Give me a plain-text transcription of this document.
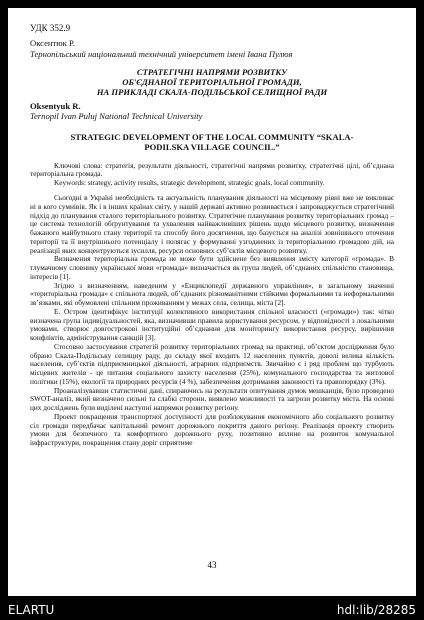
УДК 352.9
Оксентюк Р.
Тернопільський національний технічний університет імені Івана Пулюя
СТРАТЕГІЧНІ НАПРЯМИ РОЗВИТКУ
ОБ'ЄДНАНОЇ ТЕРИТОРІАЛЬНОЇ ГРОМАДИ,
НА ПРИКЛАДІ СКАЛА-ПОДІЛЬСЬКОЇ СЕЛИЩНОЇ РАДИ
Oksentyuk R.
Ternopil Ivan Puluj National Technical University
STRATEGIC DEVELOPMENT OF THE LOCAL COMMUNITY “SKALA-
PODILSKA VILLAGE COUNCIL.”

Ключові слова: стратегія, результати діяльності, стратегічні напрями розвитку, стратегічні цілі, об’єднана територіальна громада.

Keywords: strategy, activity results, strategic development, strategic goals, local community.

Сьогодні в Україні необхідність та актуальність планування діяльності на місцевому рівні вже не викликає ні в кого сумнівів. Як і в інших країнах світу, у нашій державі активно розвивається і запроваджується стратегічний підхід до планування сталого територіального розвитку. Стратегічне планування розвитку територіальних громад – це система технологій обґрунтування та ухвалення найважливіших рішень щодо місцевого розвитку, визначення бажаного майбутнього стану території та способу його досягнення, що базується на аналізі зовнішнього оточення території та її внутрішнього потенціалу і полягає у формуванні узгоджених із територіальною громадою дій, на реалізації яких концентруються зусилля, ресурси основних суб’єктів місцевого розвитку.

Визначення територіальна громада не може бути здійснене без виявлення змісту категорії «громада». В тлумачному словнику української мови «громада» визначається як група людей, об’єднаних спільністю становища, інтересів [1].

Згідно з визначенням, наведеним у «Енциклопедії державного управління», в загальному значенні «територіальна громада» є спільнота людей, об’єднаних різноманітними стійкими формальними та неформальними зв’язками, які обумовлені спільним проживанням у межах села, селища, міста [2].

Е. Остром ідентифікує інституції колективного використання спільної власності («громади») так: чітко визначена група індивідуальностей, яка, визначивши правила користування ресурсом, у відповідності з локальними умовами, створює довгострокові інституційні об’єднання для моніторингу використання ресурсу, вирішення конфліктів, адміністрування санкцій [3].

Стосовно застосування стратегій розвитку територіальних громад на практиці, об’єктом дослідження було обрано Скала-Подільську селищну раду, до складу якої входить 12 населених пунктів, доволі велика кількість населення, суб’єктів підприємницької діяльності, аграрних підприємств. Звичайно є і ряд проблем що турбують місцевих жителів - це питання соціального захисту населення (25%), комунального господарства та житлової політики (15%), екології та природних ресурсів (4 %), забезпечення дотримання законності та правопорядку (3%).

Проаналізувавши статистичні дані, спираючись на результати опитування думок мешканців, було проведено SWOT-аналіз, який визначено сильні та слабкі сторони, виявлено можливості та загрози розвитку міста. На основі цих досліджень були виділені наступні напрямки розвитку регіону.

Проект покращення транспортної доступності для розблокування економічного або соціального розвитку сіл громади передбачає капітальний ремонт дорожнього покриття даного регіону. Реалізація проекту створить умови для безпечного та комфортного дорожнього руху, позитивно вплине на розвиток комунальної інфраструктури, покращення стану доріг сприятиме

43
ELARTU	hdl:lib/28285
